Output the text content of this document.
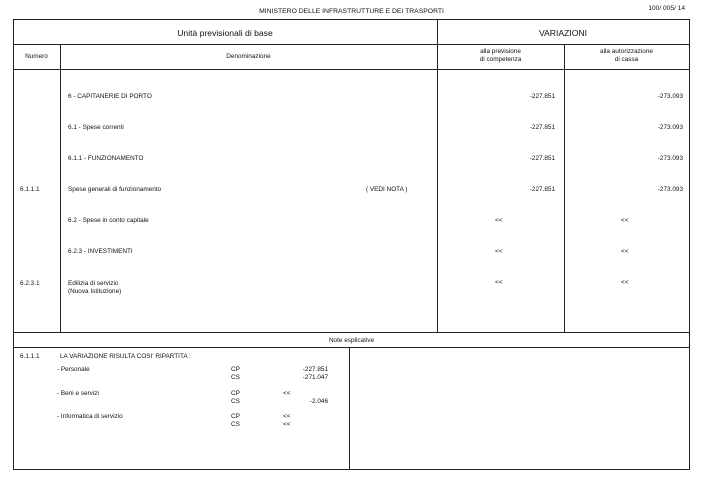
MINISTERO DELLE INFRASTRUTTURE E DEI TRASPORTI	100/ 005/ 14
Unità previsionali di base	VARIAZIONI
Numero	Denominazione
alla previsione
di competenza
alla autorizzazione
di cassa
6 - CAPITANERIE DI PORTO	-227.851	-273.093
6.1 - Spese correnti	-227.851	-273.093
6.1.1 - FUNZIONAMENTO	-227.851	-273.093
6.1.1.1	Spese generali di funzionamento	( VEDI NOTA )	-227.851	-273.093
6.2 - Spese in conto capitale	<<	<<
6.2.3 - INVESTIMENTI	<<	<<
6.2.3.1	Edilizia di servizio
(Nuova Istituzione)
<<	<<
Note esplicative
6.1.1.1	LA VARIAZIONE RISULTA COSI' RIPARTITA :
- Personale	CP	-227.851
CS	-271.047
- Beni e servizi	CP	<<
CS	-2.046
- Informatica di servizio	CP	<<
CS	<<
